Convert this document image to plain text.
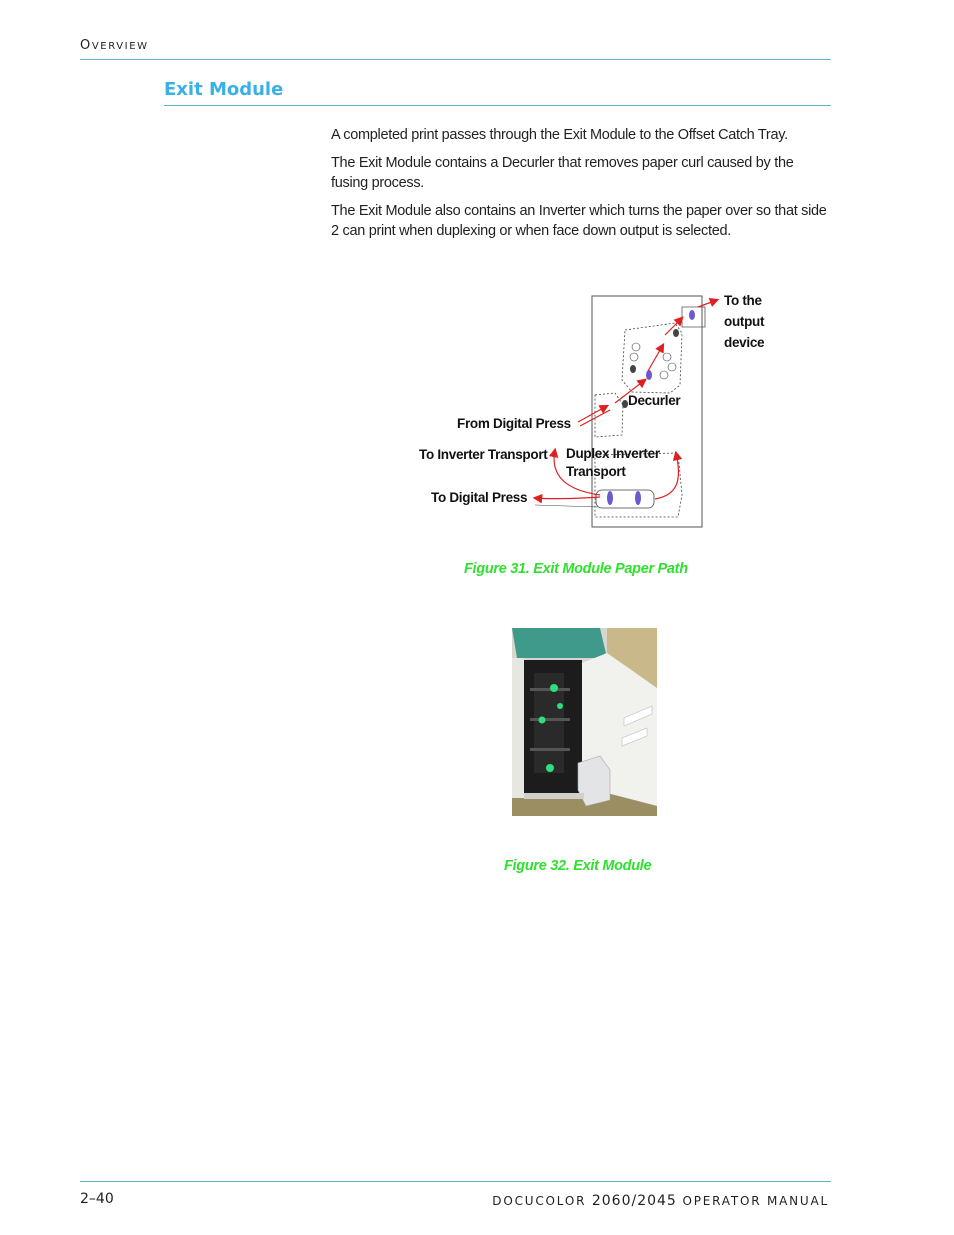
OVERVIEW
Exit Module

A completed print passes through the Exit Module to the Offset Catch Tray.

The Exit Module contains a Decurler that removes paper curl caused by the fusing process.

The Exit Module also contains an Inverter which turns the paper over so that side 2 can print when duplexing or when face down output is selected.

To the
output
device
Decurler
From Digital Press
To Inverter Transport Duplex Inverter
Transport
To Digital Press
Figure 31. Exit Module Paper Path
Figure 32. Exit Module
2–40	DOCUCOLOR 2060/2045 OPERATOR MANUAL
